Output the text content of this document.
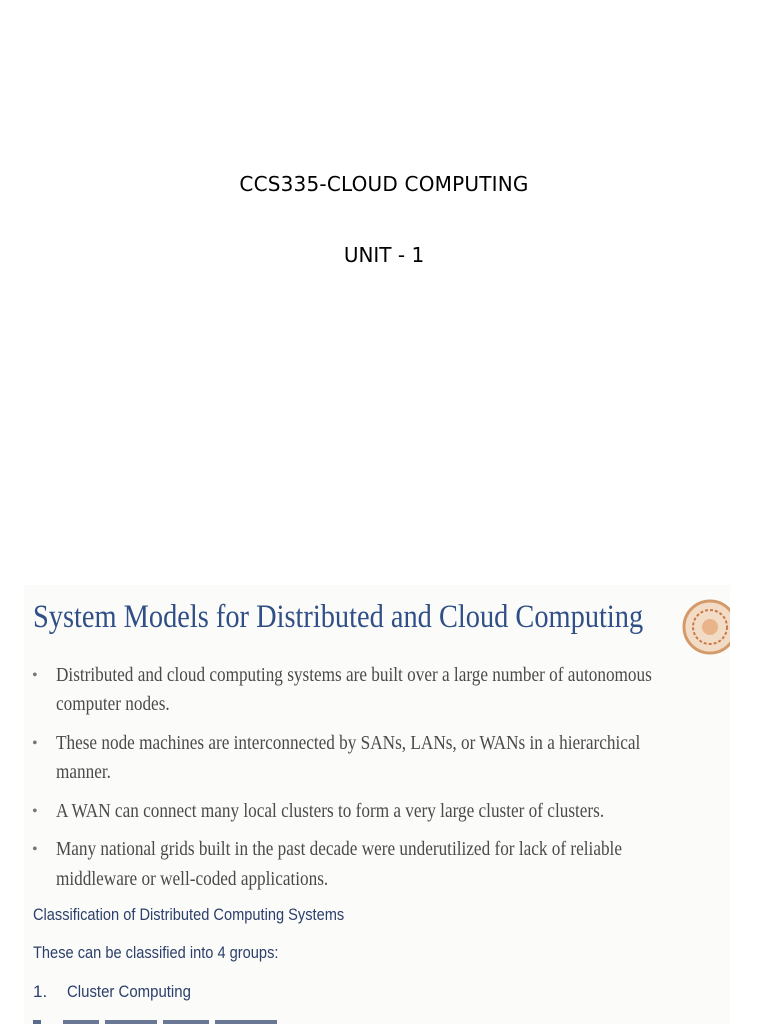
CCS335-CLOUD COMPUTING
UNIT - 1
System Models for Distributed and Cloud Computing
• Distributed and cloud computing systems are built over a large number of autonomous
computer nodes.
• These node machines are interconnected by SANs, LANs, or WANs in a hierarchical
manner.
• A WAN can connect many local clusters to form a very large cluster of clusters.
• Many national grids built in the past decade were underutilized for lack of reliable
middleware or well-coded applications.
Classification of Distributed Computing Systems
These can be classified into 4 groups:
1. Cluster Computing
